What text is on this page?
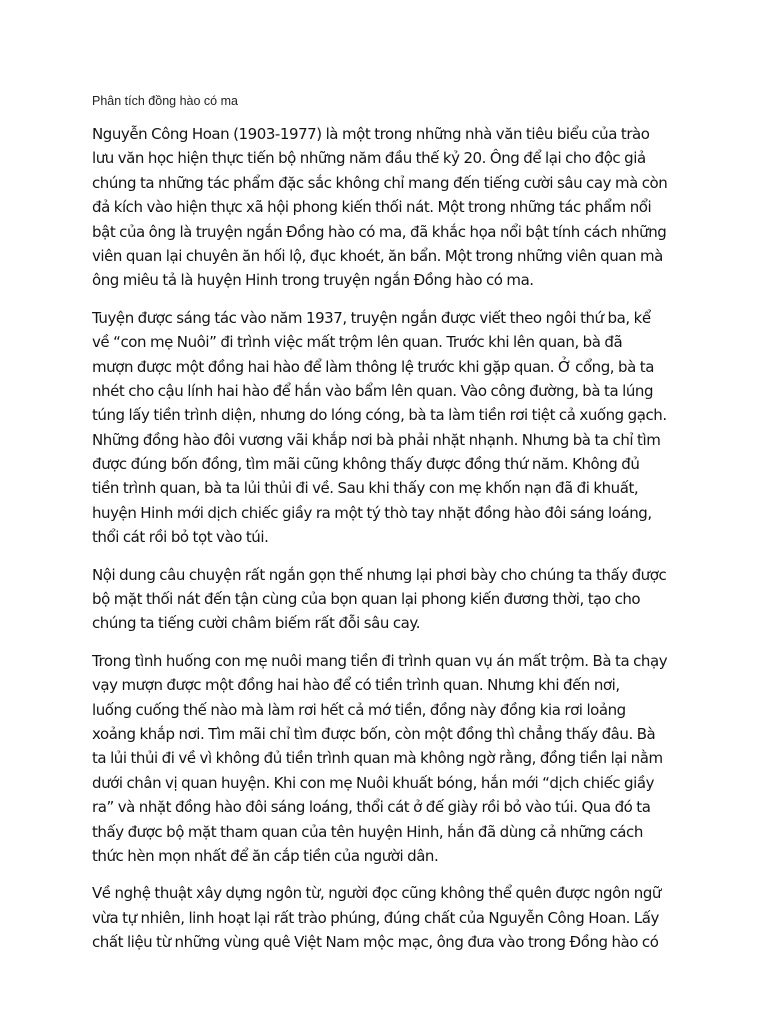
Phân tích đồng hào có ma
Nguyễn Công Hoan (1903-1977) là một trong những nhà văn tiêu biểu của trào
lưu văn học hiện thực tiến bộ những năm đầu thế kỷ 20. Ông để lại cho độc giả
chúng ta những tác phẩm đặc sắc không chỉ mang đến tiếng cười sâu cay mà còn
đả kích vào hiện thực xã hội phong kiến thối nát. Một trong những tác phẩm nổi
bật của ông là truyện ngắn Đồng hào có ma, đã khắc họa nổi bật tính cách những
viên quan lại chuyên ăn hối lộ, đục khoét, ăn bẩn. Một trong những viên quan mà
ông miêu tả là huyện Hinh trong truyện ngắn Đồng hào có ma.
Tuyện được sáng tác vào năm 1937, truyện ngắn được viết theo ngôi thứ ba, kể
về “con mẹ Nuôi” đi trình việc mất trộm lên quan. Trước khi lên quan, bà đã
mượn được một đồng hai hào để làm thông lệ trước khi gặp quan. Ở cổng, bà ta
nhét cho cậu lính hai hào để hắn vào bẩm lên quan. Vào công đường, bà ta lúng
túng lấy tiền trình diện, nhưng do lóng cóng, bà ta làm tiền rơi tiệt cả xuống gạch.
Những đồng hào đôi vương vãi khắp nơi bà phải nhặt nhạnh. Nhưng bà ta chỉ tìm
được đúng bốn đồng, tìm mãi cũng không thấy được đồng thứ năm. Không đủ
tiền trình quan, bà ta lủi thủi đi về. Sau khi thấy con mẹ khốn nạn đã đi khuất,
huyện Hinh mới dịch chiếc giầy ra một tý thò tay nhặt đồng hào đôi sáng loáng,
thổi cát rồi bỏ tọt vào túi.
Nội dung câu chuyện rất ngắn gọn thế nhưng lại phơi bày cho chúng ta thấy được
bộ mặt thối nát đến tận cùng của bọn quan lại phong kiến đương thời, tạo cho
chúng ta tiếng cười châm biếm rất đỗi sâu cay.
Trong tình huống con mẹ nuôi mang tiền đi trình quan vụ án mất trộm. Bà ta chạy
vạy mượn được một đồng hai hào để có tiền trình quan. Nhưng khi đến nơi,
luống cuống thế nào mà làm rơi hết cả mớ tiền, đồng này đồng kia rơi loảng
xoảng khắp nơi. Tìm mãi chỉ tìm được bốn, còn một đồng thì chẳng thấy đâu. Bà
ta lủi thủi đi về vì không đủ tiền trình quan mà không ngờ rằng, đồng tiền lại nằm
dưới chân vị quan huyện. Khi con mẹ Nuôi khuất bóng, hắn mới “dịch chiếc giầy
ra” và nhặt đồng hào đôi sáng loáng, thổi cát ở đế giày rồi bỏ vào túi. Qua đó ta
thấy được bộ mặt tham quan của tên huyện Hinh, hắn đã dùng cả những cách
thức hèn mọn nhất để ăn cắp tiền của người dân.
Về nghệ thuật xây dựng ngôn từ, người đọc cũng không thể quên được ngôn ngữ
vừa tự nhiên, linh hoạt lại rất trào phúng, đúng chất của Nguyễn Công Hoan. Lấy
chất liệu từ những vùng quê Việt Nam mộc mạc, ông đưa vào trong Đồng hào có
